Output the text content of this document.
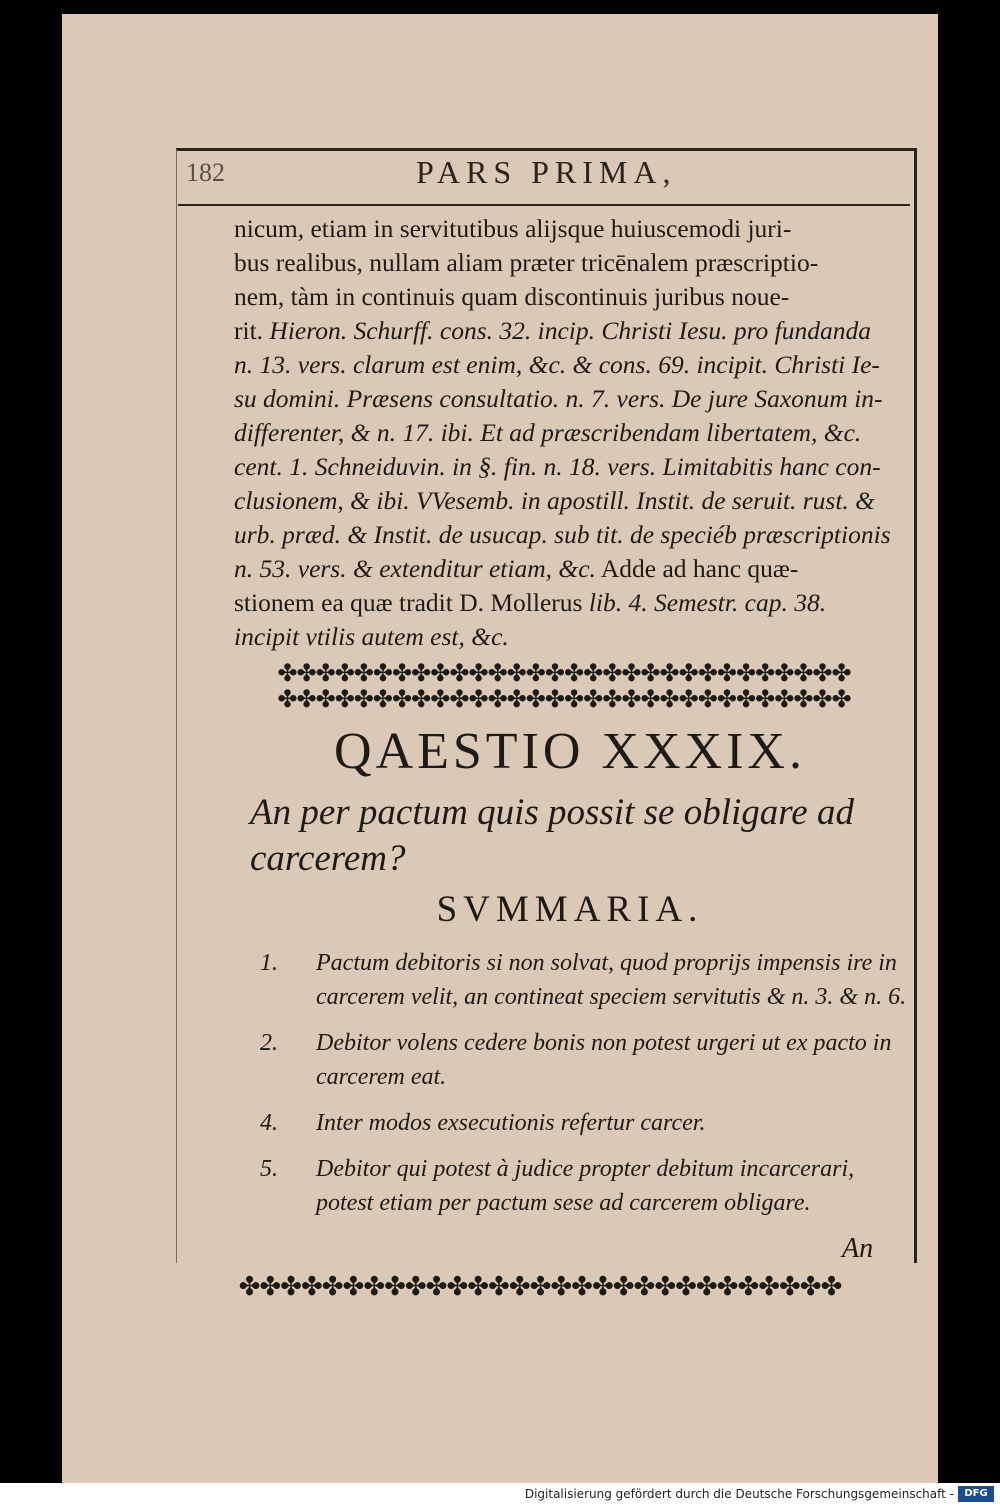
182	PARS PRIMA,

nicum, etiam in servitutibus alijsque huiuscemodi juri-

bus realibus, nullam aliam præter tricēnalem præscriptio-

nem, tàm in continuis quam discontinuis juribus noue-

rit. Hieron. Schurff. cons. 32. incip. Christi Iesu. pro fundanda

n. 13. vers. clarum est enim, &c. & cons. 69. incipit. Christi Ie-

su domini. Præsens consultatio. n. 7. vers. De jure Saxonum in-

differenter, & n. 17. ibi. Et ad præscribendam libertatem, &c.

cent. 1. Schneiduvin. in §. fin. n. 18. vers. Limitabitis hanc con-

clusionem, & ibi. VVesemb. in apostill. Instit. de seruit. rust. &

urb. præd. & Instit. de usucap. sub tit. de speciéb præscriptionis

n. 53. vers. & extenditur etiam, &c. Adde ad hanc quæ-

stionem ea quæ tradit D. Mollerus lib. 4. Semestr. cap. 38.

incipit vtilis autem est, &c.

✤✤✤✤✤✤✤✤✤✤✤✤✤✤✤✤✤✤✤✤✤✤✤✤✤✤✤✤✤✤
✤✤✤✤✤✤✤✤✤✤✤✤✤✤✤✤✤✤✤✤✤✤✤✤✤✤✤✤✤✤
QAESTIO XXXIX.
An per pactum quis possit se obligare ad carcerem?
SVMMARIA.
1. Pactum debitoris si non solvat, quod proprijs impensis ire in carcerem velit, an contineat speciem servitutis & n. 3. & n. 6.
2. Debitor volens cedere bonis non potest urgeri ut ex pacto in carcerem eat.
4. Inter modos exsecutionis refertur carcer.
5. Debitor qui potest à judice propter debitum incarcerari, potest etiam per pactum sese ad carcerem obligare.
An
✤✤✤✤✤✤✤✤✤✤✤✤✤✤✤✤✤✤✤✤✤✤✤✤✤✤✤✤✤
Digitalisierung gefördert durch die Deutsche Forschungsgemeinschaft -	DFG
